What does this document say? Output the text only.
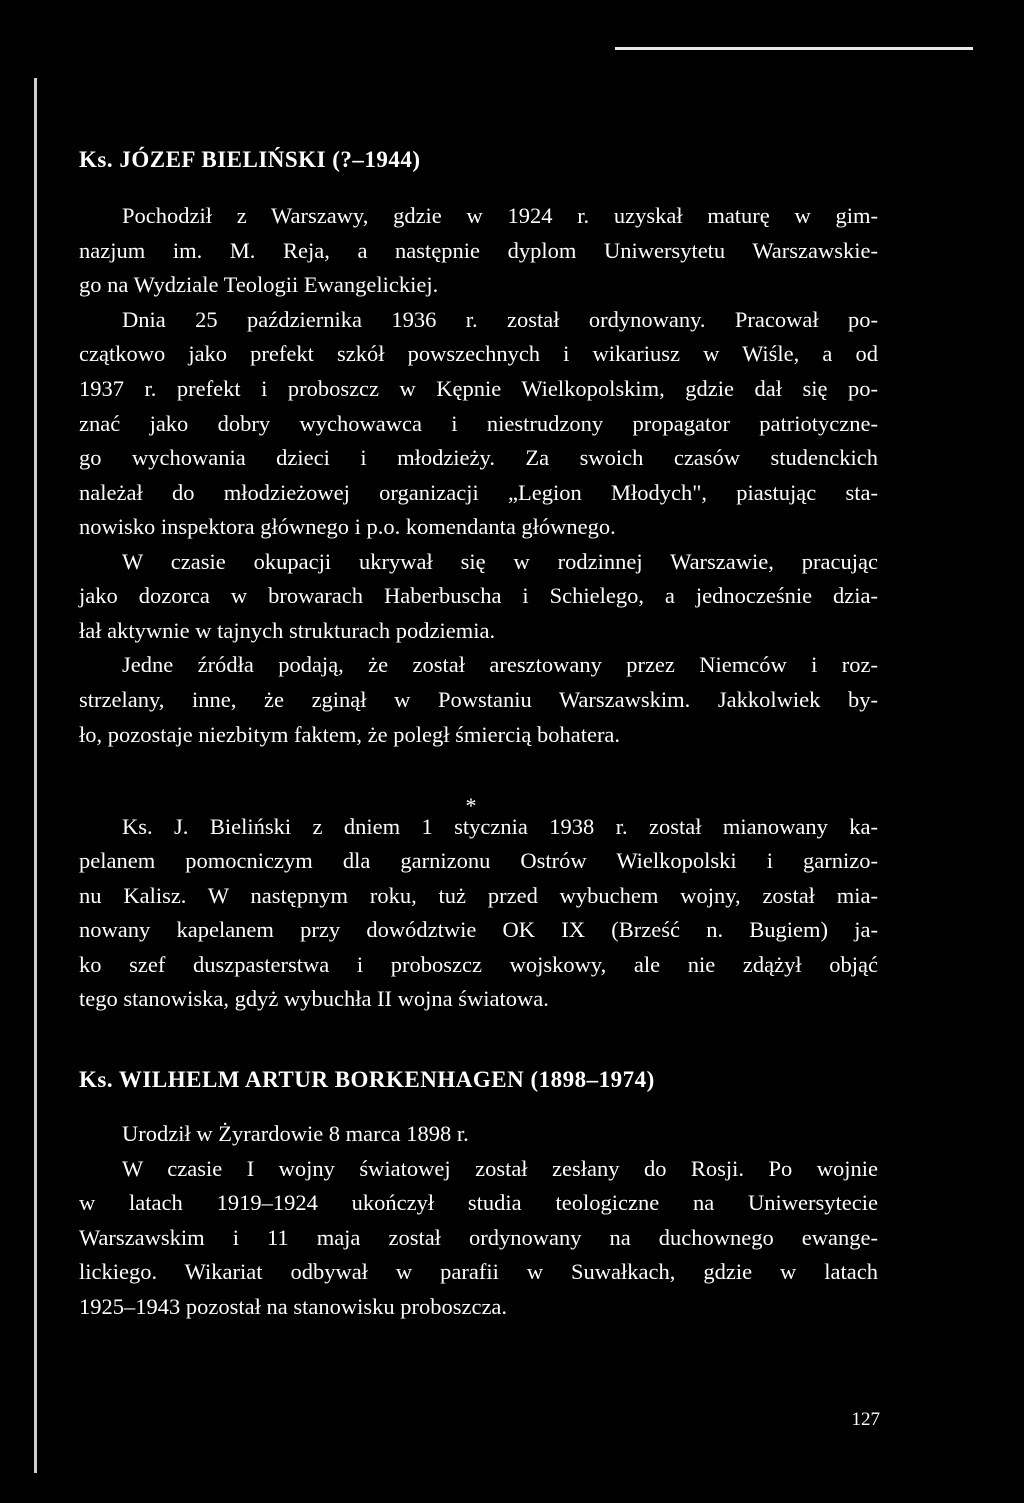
Ks. JÓZEF BIELIŃSKI (?–1944)
Pochodził z Warszawy, gdzie w 1924 r. uzyskał maturę w gim-
nazjum im. M. Reja, a następnie dyplom Uniwersytetu Warszawskie-
go na Wydziale Teologii Ewangelickiej.
Dnia 25 października 1936 r. został ordynowany. Pracował po-
czątkowo jako prefekt szkół powszechnych i wikariusz w Wiśle, a od
1937 r. prefekt i proboszcz w Kępnie Wielkopolskim, gdzie dał się po-
znać jako dobry wychowawca i niestrudzony propagator patriotyczne-
go wychowania dzieci i młodzieży. Za swoich czasów studenckich
należał do młodzieżowej organizacji „Legion Młodych", piastując sta-
nowisko inspektora głównego i p.o. komendanta głównego.
W czasie okupacji ukrywał się w rodzinnej Warszawie, pracując
jako dozorca w browarach Haberbuscha i Schielego, a jednocześnie dzia-
łał aktywnie w tajnych strukturach podziemia.
Jedne źródła podają, że został aresztowany przez Niemców i roz-
strzelany, inne, że zginął w Powstaniu Warszawskim. Jakkolwiek by-
ło, pozostaje niezbitym faktem, że poległ śmiercią bohatera.
*
Ks. J. Bieliński z dniem 1 stycznia 1938 r. został mianowany ka-
pelanem pomocniczym dla garnizonu Ostrów Wielkopolski i garnizo-
nu Kalisz. W następnym roku, tuż przed wybuchem wojny, został mia-
nowany kapelanem przy dowództwie OK IX (Brześć n. Bugiem) ja-
ko szef duszpasterstwa i proboszcz wojskowy, ale nie zdążył objąć
tego stanowiska, gdyż wybuchła II wojna światowa.
Ks. WILHELM ARTUR BORKENHAGEN (1898–1974)
Urodził w Żyrardowie 8 marca 1898 r.
W czasie I wojny światowej został zesłany do Rosji. Po wojnie
w latach 1919–1924 ukończył studia teologiczne na Uniwersytecie
Warszawskim i 11 maja został ordynowany na duchownego ewange-
lickiego. Wikariat odbywał w parafii w Suwałkach, gdzie w latach
1925–1943 pozostał na stanowisku proboszcza.
127
